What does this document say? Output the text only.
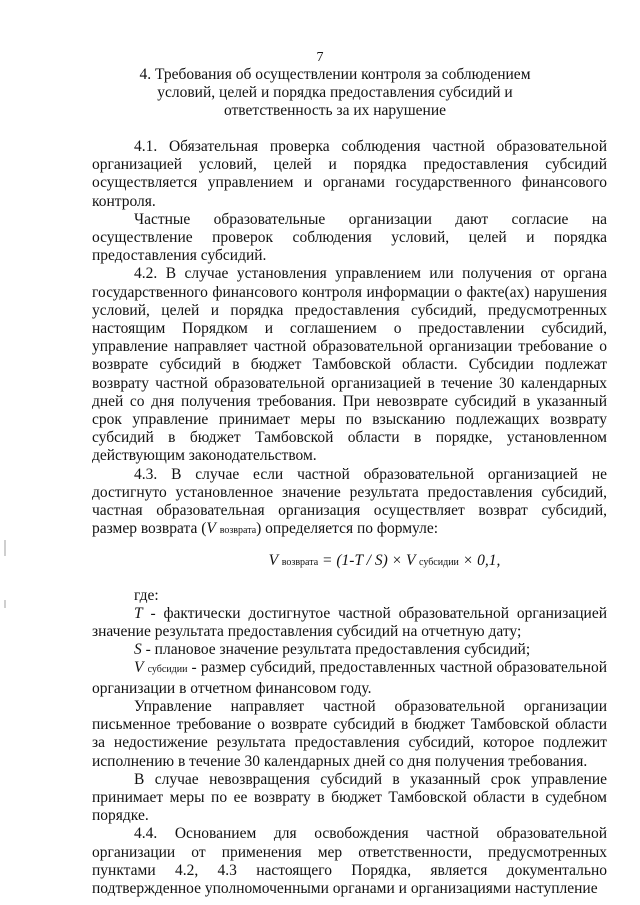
7
4. Требования об осуществлении контроля за соблюдением условий, целей и порядка предоставления субсидий и ответственность за их нарушение

4.1. Обязательная проверка соблюдения частной образовательной организацией условий, целей и порядка предоставления субсидий осуществляется управлением и органами государственного финансового контроля.

Частные образовательные организации дают согласие на осуществление проверок соблюдения условий, целей и порядка предоставления субсидий.

4.2. В случае установления управлением или получения от органа государственного финансового контроля информации о факте(ах) нарушения условий, целей и порядка предоставления субсидий, предусмотренных настоящим Порядком и соглашением о предоставлении субсидий, управление направляет частной образовательной организации требование о возврате субсидий в бюджет Тамбовской области. Субсидии подлежат возврату частной образовательной организацией в течение 30 календарных дней со дня получения требования. При невозврате субсидий в указанный срок управление принимает меры по взысканию подлежащих возврату субсидий в бюджет Тамбовской области в порядке, установленном действующим законодательством.

4.3. В случае если частной образовательной организацией не достигнуто установленное значение результата предоставления субсидий, частная образовательная организация осуществляет возврат субсидий, размер возврата (V возврата) определяется по формуле:

V возврата = (1-T / S) × V субсидии × 0,1,

где:

T - фактически достигнутое частной образовательной организацией значение результата предоставления субсидий на отчетную дату;

S - плановое значение результата предоставления субсидий;

V субсидии - размер субсидий, предоставленных частной образовательной организации в отчетном финансовом году.

Управление направляет частной образовательной организации письменное требование о возврате субсидий в бюджет Тамбовской области за недостижение результата предоставления субсидий, которое подлежит исполнению в течение 30 календарных дней со дня получения требования.

В случае невозвращения субсидий в указанный срок управление принимает меры по ее возврату в бюджет Тамбовской области в судебном порядке.

4.4. Основанием для освобождения частной образовательной организации от применения мер ответственности, предусмотренных пунктами 4.2, 4.3 настоящего Порядка, является документально подтвержденное уполномоченными органами и организациями наступление
